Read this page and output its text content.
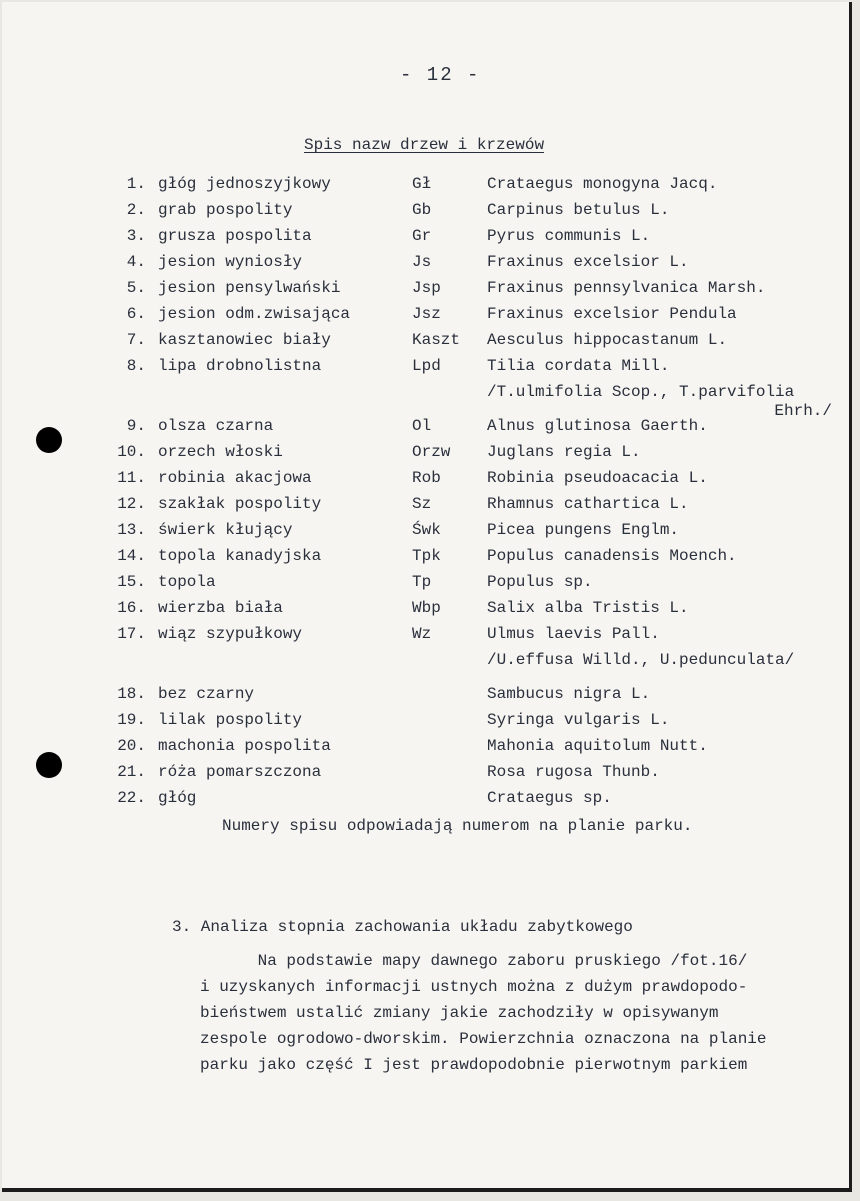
- 12 -
Spis nazw drzew i krzewów
1. głóg jednoszyjkowy	Gł	Crataegus monogyna Jacq.
2. grab pospolity	Gb	Carpinus betulus L.
3. grusza pospolita	Gr	Pyrus communis L.
4. jesion wyniosły	Js	Fraxinus excelsior L.
5. jesion pensylwański	Jsp	Fraxinus pennsylvanica Marsh.
6. jesion odm.zwisająca	Jsz	Fraxinus excelsior Pendula
7. kasztanowiec biały	Kaszt Aesculus hippocastanum L.
8. lipa drobnolistna	Lpd	Tilia cordata Mill.
/T.ulmifolia Scop., T.parvifolia
Ehrh./
9. olsza czarna	Ol	Alnus glutinosa Gaerth.
10. orzech włoski	Orzw Juglans regia L.
11. robinia akacjowa	Rob	Robinia pseudoacacia L.
12. szakłak pospolity	Sz	Rhamnus cathartica L.
13. świerk kłujący	Śwk	Picea pungens Englm.
14. topola kanadyjska	Tpk	Populus canadensis Moench.
15. topola	Tp	Populus sp.
16. wierzba biała	Wbp	Salix alba Tristis L.
17. wiąz szypułkowy	Wz	Ulmus laevis Pall.
/U.effusa Willd., U.pedunculata/
18. bez czarny	Sambucus nigra L.
19. lilak pospolity	Syringa vulgaris L.
20. machonia pospolita	Mahonia aquitolum Nutt.
21. róża pomarszczona	Rosa rugosa Thunb.
22. głóg	Crataegus sp.
Numery spisu odpowiadają numerom na planie parku.
3. Analiza stopnia zachowania układu zabytkowego
Na podstawie mapy dawnego zaboru pruskiego /fot.16/
i uzyskanych informacji ustnych można z dużym prawdopodo-
bieństwem ustalić zmiany jakie zachodziły w opisywanym
zespole ogrodowo-dworskim. Powierzchnia oznaczona na planie
parku jako część I jest prawdopodobnie pierwotnym parkiem
